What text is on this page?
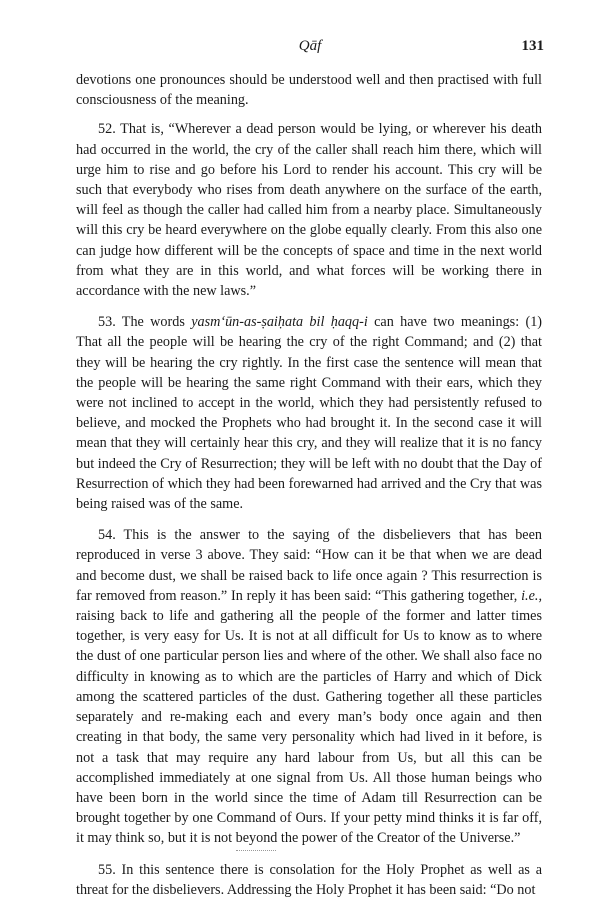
Qāf	131

devotions one pronounces should be understood well and then practised with full consciousness of the meaning.

52. That is, “Wherever a dead person would be lying, or wherever his death had occurred in the world, the cry of the caller shall reach him there, which will urge him to rise and go before his Lord to render his account. This cry will be such that everybody who rises from death anywhere on the surface of the earth, will feel as though the caller had called him from a nearby place. Simultaneously will this cry be heard everywhere on the globe equally clearly. From this also one can judge how different will be the concepts of space and time in the next world from what they are in this world, and what forces will be working there in accordance with the new laws.”

53. The words yasm‘ūn-as-ṣaiḥata bil ḥaqq-i can have two meanings: (1) That all the people will be hearing the cry of the right Command; and (2) that they will be hearing the cry rightly. In the first case the sentence will mean that the people will be hearing the same right Command with their ears, which they were not inclined to accept in the world, which they had persistently refused to believe, and mocked the Prophets who had brought it. In the second case it will mean that they will certainly hear this cry, and they will realize that it is no fancy but indeed the Cry of Resurrection; they will be left with no doubt that the Day of Resurrection of which they had been forewarned had arrived and the Cry that was being raised was of the same.

54. This is the answer to the saying of the disbelievers that has been reproduced in verse 3 above. They said: “How can it be that when we are dead and become dust, we shall be raised back to life once again ? This resurrection is far removed from reason.” In reply it has been said: “This gathering together, i.e., raising back to life and gathering all the people of the former and latter times together, is very easy for Us. It is not at all difficult for Us to know as to where the dust of one particular person lies and where of the other. We shall also face no difficulty in knowing as to which are the particles of Harry and which of Dick among the scattered particles of the dust. Gathering together all these particles separately and re-making each and every man’s body once again and then creating in that body, the same very personality which had lived in it before, is not a task that may require any hard labour from Us, but all this can be accomplished immediately at one signal from Us. All those human beings who have been born in the world since the time of Adam till Resurrection can be brought together by one Command of Ours. If your petty mind thinks it is far off, it may think so, but it is not beyond the power of the Creator of the Universe.”

55. In this sentence there is consolation for the Holy Prophet as well as a threat for the disbelievers. Addressing the Holy Prophet it has been said: “Do not
